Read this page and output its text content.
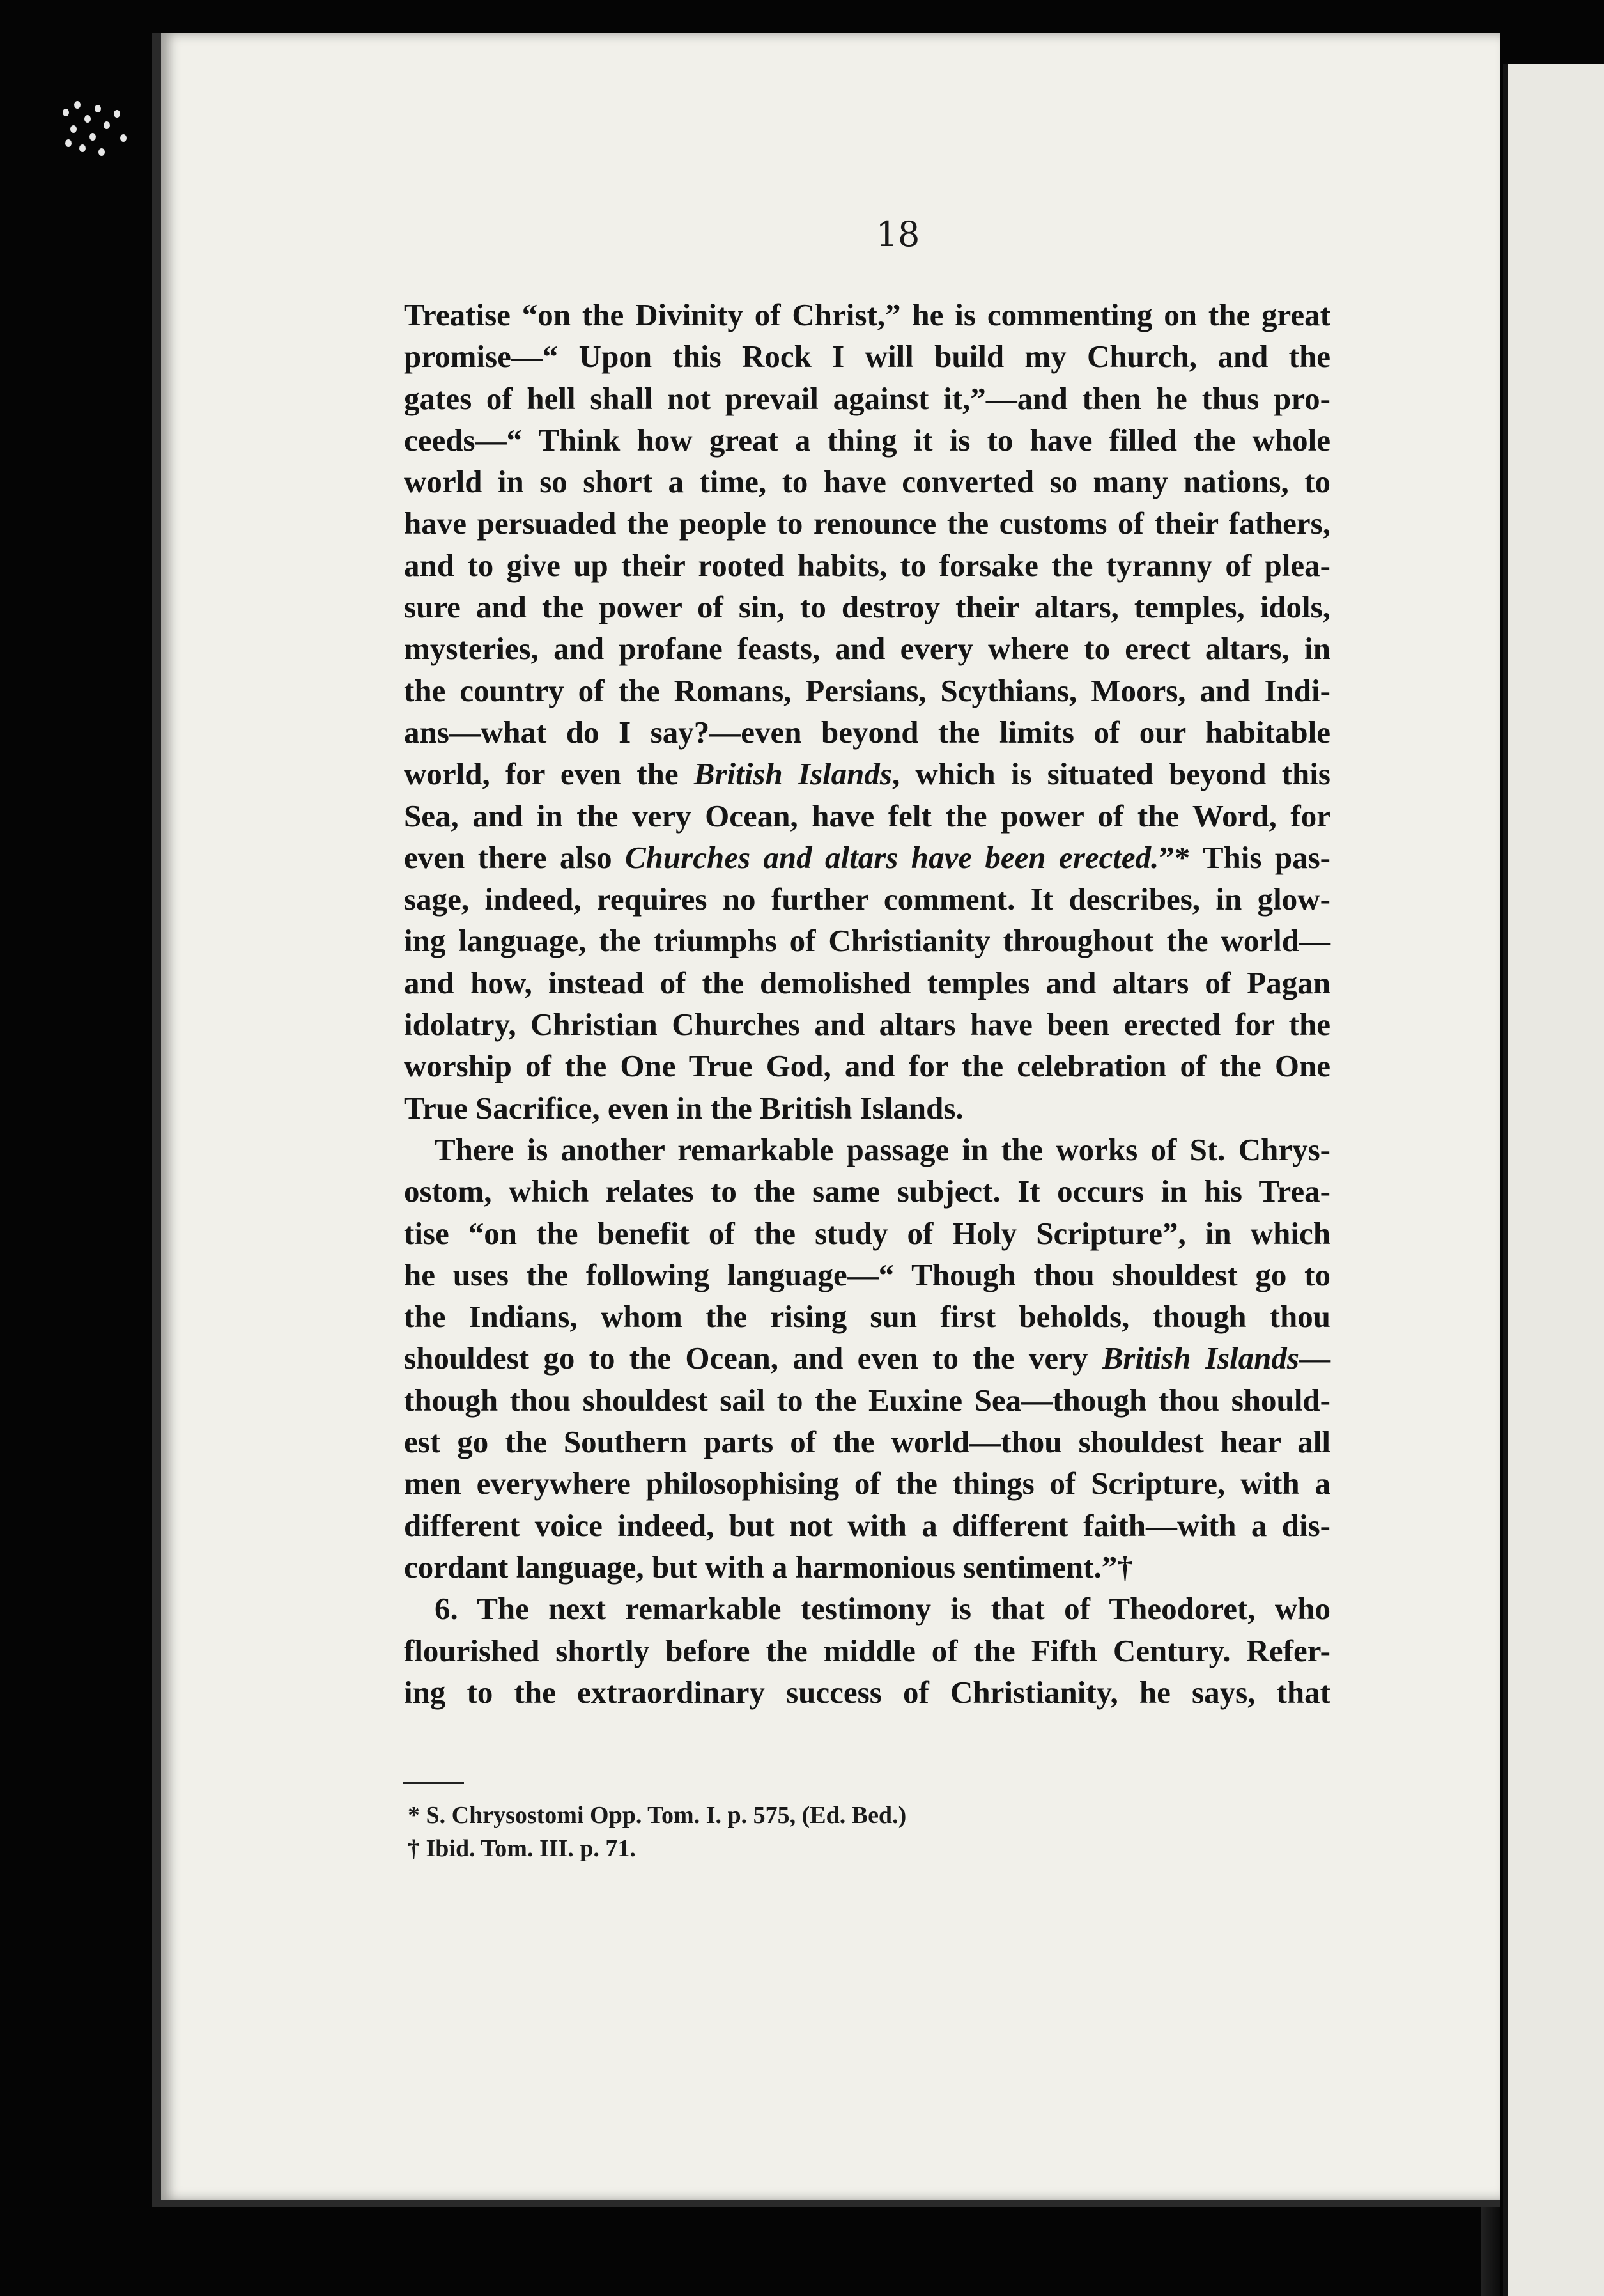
18
Treatise “on the Divinity of Christ,” he is commenting on the great
promise—“ Upon this Rock I will build my Church, and the
gates of hell shall not prevail against it,”—and then he thus pro-
ceeds—“ Think how great a thing it is to have filled the whole
world in so short a time, to have converted so many nations, to
have persuaded the people to renounce the customs of their fathers,
and to give up their rooted habits, to forsake the tyranny of plea-
sure and the power of sin, to destroy their altars, temples, idols,
mysteries, and profane feasts, and every where to erect altars, in
the country of the Romans, Persians, Scythians, Moors, and Indi-
ans—what do I say?—even beyond the limits of our habitable
world, for even the British Islands, which is situated beyond this
Sea, and in the very Ocean, have felt the power of the Word, for
even there also Churches and altars have been erected.”* This pas-
sage, indeed, requires no further comment. It describes, in glow-
ing language, the triumphs of Christianity throughout the world—
and how, instead of the demolished temples and altars of Pagan
idolatry, Christian Churches and altars have been erected for the
worship of the One True God, and for the celebration of the One
True Sacrifice, even in the British Islands.
There is another remarkable passage in the works of St. Chrys-
ostom, which relates to the same subject. It occurs in his Trea-
tise “on the benefit of the study of Holy Scripture”, in which
he uses the following language—“ Though thou shouldest go to
the Indians, whom the rising sun first beholds, though thou
shouldest go to the Ocean, and even to the very British Islands—
though thou shouldest sail to the Euxine Sea—though thou should-
est go the Southern parts of the world—thou shouldest hear all
men everywhere philosophising of the things of Scripture, with a
different voice indeed, but not with a different faith—with a dis-
cordant language, but with a harmonious sentiment.”†
6. The next remarkable testimony is that of Theodoret, who
flourished shortly before the middle of the Fifth Century. Refer-
ing to the extraordinary success of Christianity, he says, that
* S. Chrysostomi Opp. Tom. I. p. 575, (Ed. Bed.)
† Ibid. Tom. III. p. 71.
